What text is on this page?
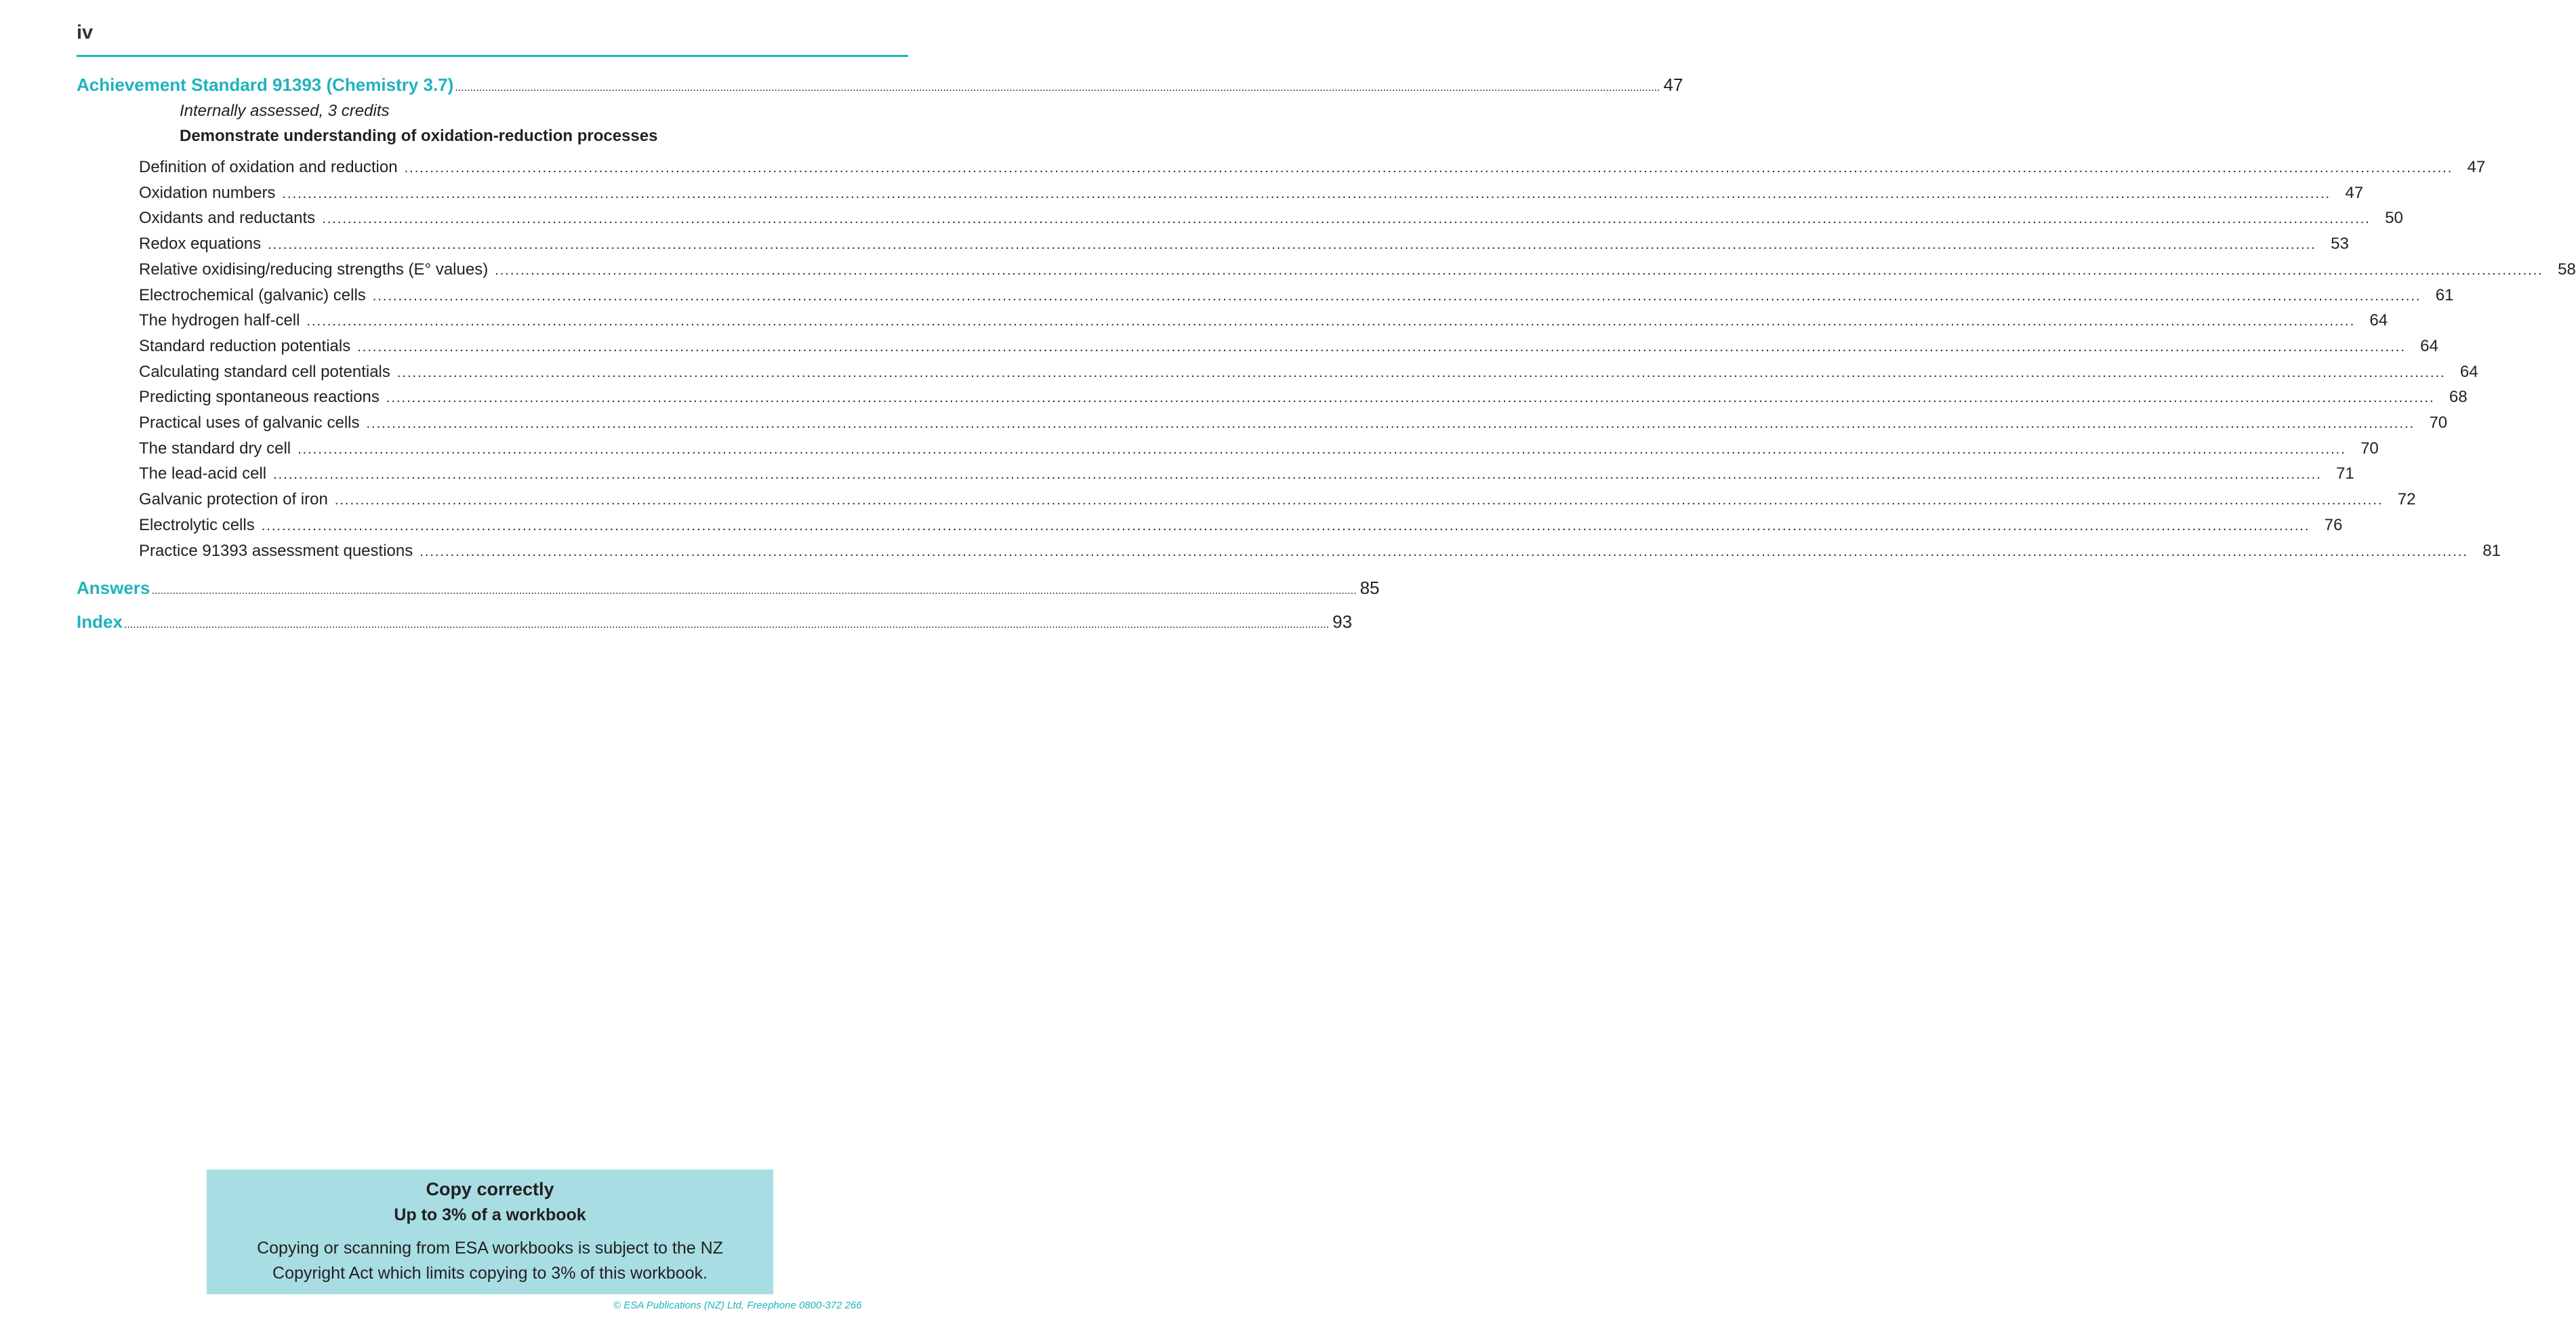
iv
Achievement Standard 91393 (Chemistry 3.7) ................................................................................................................................................................................................................................................................................................................................................................................................................ 47
Internally assessed, 3 credits
Demonstrate understanding of oxidation-reduction processes
Definition of oxidation and reduction ................................................................................................................................................................................................................................................................................................................................................................................................................ 47
Oxidation numbers ................................................................................................................................................................................................................................................................................................................................................................................................................ 47
Oxidants and reductants ................................................................................................................................................................................................................................................................................................................................................................................................................ 50
Redox equations ................................................................................................................................................................................................................................................................................................................................................................................................................ 53
Relative oxidising/reducing strengths (E° values) ................................................................................................................................................................................................................................................................................................................................................................................................................ 58
Electrochemical (galvanic) cells ................................................................................................................................................................................................................................................................................................................................................................................................................ 61
The hydrogen half-cell ................................................................................................................................................................................................................................................................................................................................................................................................................ 64
Standard reduction potentials ................................................................................................................................................................................................................................................................................................................................................................................................................ 64
Calculating standard cell potentials ................................................................................................................................................................................................................................................................................................................................................................................................................ 64
Predicting spontaneous reactions ................................................................................................................................................................................................................................................................................................................................................................................................................ 68
Practical uses of galvanic cells ................................................................................................................................................................................................................................................................................................................................................................................................................ 70
The standard dry cell ................................................................................................................................................................................................................................................................................................................................................................................................................ 70
The lead-acid cell ................................................................................................................................................................................................................................................................................................................................................................................................................ 71
Galvanic protection of iron ................................................................................................................................................................................................................................................................................................................................................................................................................ 72
Electrolytic cells ................................................................................................................................................................................................................................................................................................................................................................................................................ 76
Practice 91393 assessment questions ................................................................................................................................................................................................................................................................................................................................................................................................................ 81
Answers ................................................................................................................................................................................................................................................................................................................................................................................................................ 85
Index ................................................................................................................................................................................................................................................................................................................................................................................................................ 93
Copy correctly
Up to 3% of a workbook
Copying or scanning from ESA workbooks is subject to the NZ Copyright Act which limits copying to 3% of this workbook.
© ESA Publications (NZ) Ltd, Freephone 0800-372 266
